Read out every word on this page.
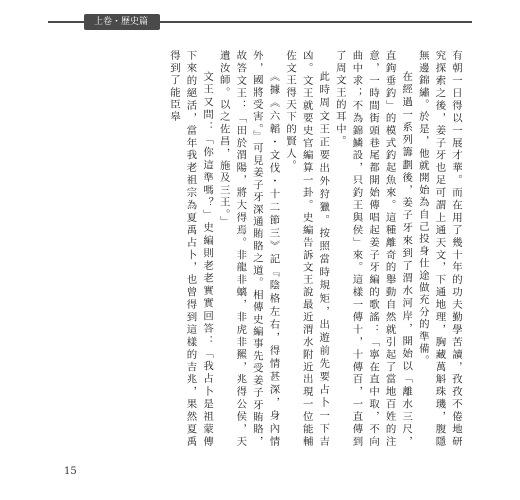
上卷・歷史篇

有朝一日得以一展才華。而在用了幾十年的功夫勤學苦讀，孜孜不倦地研究探索之後，姜子牙也足可謂上通天文，下通地理，胸藏萬斛珠璣，腹隱無邊錦繡。於是，他就開始為自己投身仕途做充分的準備。

在經過一系列籌劃後，姜子牙來到了渭水河岸，開始以「離水三尺，直鉤垂釣」的模式釣起魚來。這種離奇的舉動自然就引起了當地百姓的注意，一時間街頭巷尾都開始傳唱起姜子牙編的歌謠：「寧在直中取，不向曲中求；不為錦鱗設，只釣王與侯」來。這樣一傳十，十傳百，一直傳到了周文王的耳中。

此時周文王正要出外狩獵。按照當時規矩，出遊前先要占卜一下吉凶。文王就要史官編算一卦。史編告訴文王說最近渭水附近出現一位能輔佐文王得天下的賢人。

《據《六韜・文伐・十二節三》記『陰格左右，得情甚深，身內情外，國將受害。』可見姜子牙深通賄賂之道。相傳史編事先受姜子牙賄賂，故答文王：「田於渭陽，將大得焉。非龍非螭，非虎非羆，兆得公侯，天遺汝師。以之佐昌，施及三王。」

文王又問：「你這準嗎？」史編則老老實實回答：「我占卜是祖蒙傳下來的絕活，當年我老祖宗為夏禹占卜，也曾得到這樣的吉兆，果然夏禹得到了能臣皋

15
